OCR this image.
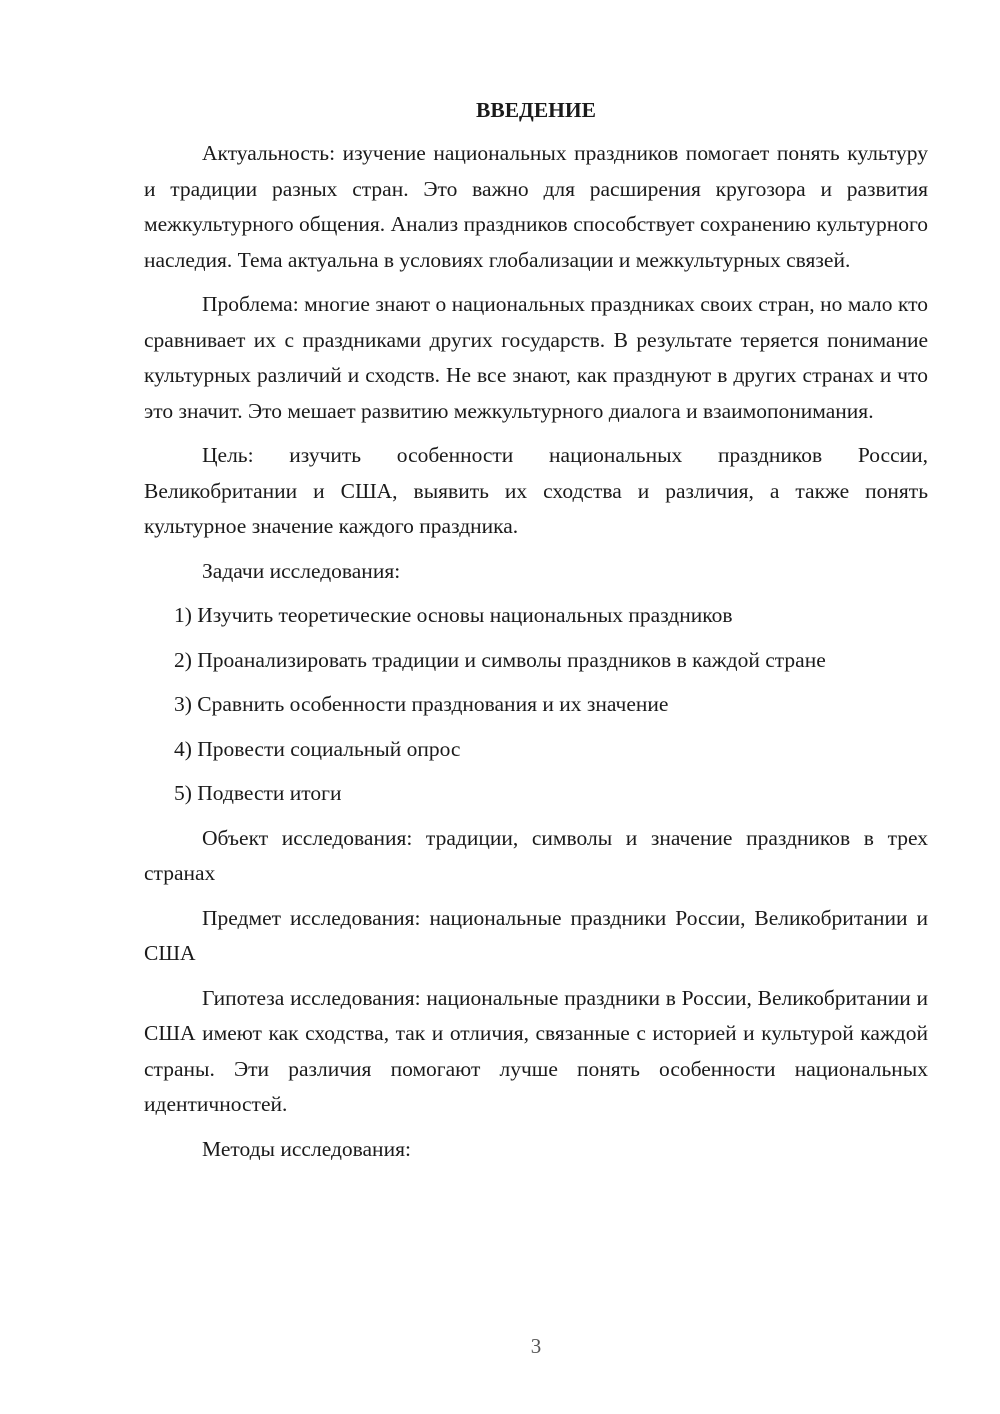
ВВЕДЕНИЕ

Актуальность: изучение национальных праздников помогает понять культуру и традиции разных стран. Это важно для расширения кругозора и развития межкультурного общения. Анализ праздников способствует сохранению культурного наследия. Тема актуальна в условиях глобализации и межкультурных связей.

Проблема: многие знают о национальных праздниках своих стран, но мало кто сравнивает их с праздниками других государств. В результате теряется понимание культурных различий и сходств. Не все знают, как празднуют в других странах и что это значит. Это мешает развитию межкультурного диалога и взаимопонимания.

Цель: изучить особенности национальных праздников России, Великобритании и США, выявить их сходства и различия, а также понять культурное значение каждого праздника.

Задачи исследования:

1) Изучить теоретические основы национальных праздников

2) Проанализировать традиции и символы праздников в каждой стране

3) Сравнить особенности празднования и их значение

4) Провести социальный опрос

5) Подвести итоги

Объект исследования: традиции, символы и значение праздников в трех странах

Предмет исследования: национальные праздники России, Великобритании и США

Гипотеза исследования: национальные праздники в России, Великобритании и США имеют как сходства, так и отличия, связанные с историей и культурой каждой страны. Эти различия помогают лучше понять особенности национальных идентичностей.

Методы исследования:

3
